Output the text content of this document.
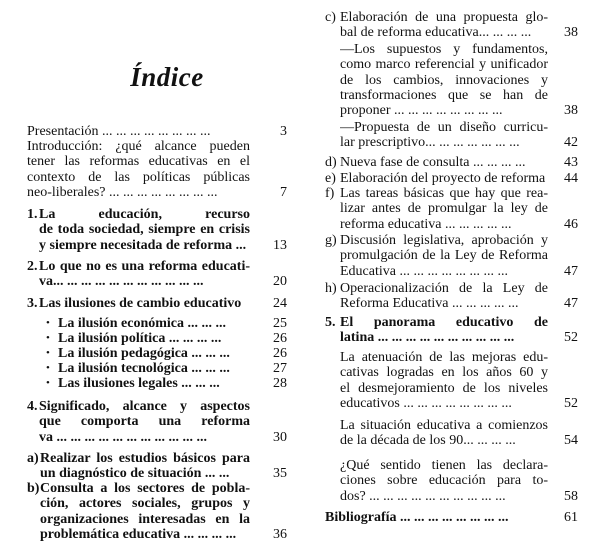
Índice
Presentación ... ... ... ... ... ... ... ...	3
Introducción: ¿qué alcance pueden
tener las reformas educativas en el
contexto de las políticas públicas
neo-liberales? ... ... ... ... ... ... ... ...	7
1. La educación, recurso
de toda sociedad, siempre en crisis
y siempre necesitada de reforma ...	13
2. Lo que no es una reforma educati-
va... ... ... ... ... ... ... ... ... ... ...	20
3. Las ilusiones de cambio educativo	24
• La ilusión económica ... ... ...	25
• La ilusión política ... ... ... ...	26
• La ilusión pedagógica ... ... ...	26
• La ilusión tecnológica ... ... ...	27
• Las ilusiones legales ... ... ...	28
4. Significado, alcance y aspectos
que comporta una reforma
va ... ... ... ... ... ... ... ... ... ... ...	30
a) Realizar los estudios básicos para
un diagnóstico de situación ... ...	35
b) Consulta a los sectores de pobla-
ción, actores sociales, grupos y
organizaciones interesadas en la
problemática educativa ... ... ... ...	36
c) Elaboración de una propuesta glo-
bal de reforma educativa... ... ... ...	38
—Los supuestos y fundamentos,
como marco referencial y unificador
de los cambios, innovaciones y
transformaciones que se han de
proponer ... ... ... ... ... ... ... ...	38
—Propuesta de un diseño curricu-
lar prescriptivo... ... ... ... ... ... ...	42
d) Nueva fase de consulta ... ... ... ...	43
e) Elaboración del proyecto de reforma	44
f) Las tareas básicas que hay que rea-
lizar antes de promulgar la ley de
reforma educativa ... ... ... ... ...	46
g) Discusión legislativa, aprobación y
promulgación de la Ley de Reforma
Educativa ... ... ... ... ... ... ... ...	47
h) Operacionalización de la Ley de
Reforma Educativa ... ... ... ... ...	47
5. El panorama educativo de
latina ... ... ... ... ... ... ... ... ... ...	52
La atenuación de las mejoras edu-
cativas logradas en los años 60 y
el desmejoramiento de los niveles
educativos ... ... ... ... ... ... ... ...	52
La situación educativa a comienzos
de la década de los 90... ... ... ...	54
¿Qué sentido tienen las declara-
ciones sobre educación para to-
dos? ... ... ... ... ... ... ... ... ... ...	58
Bibliografía ... ... ... ... ... ... ... ...	61
